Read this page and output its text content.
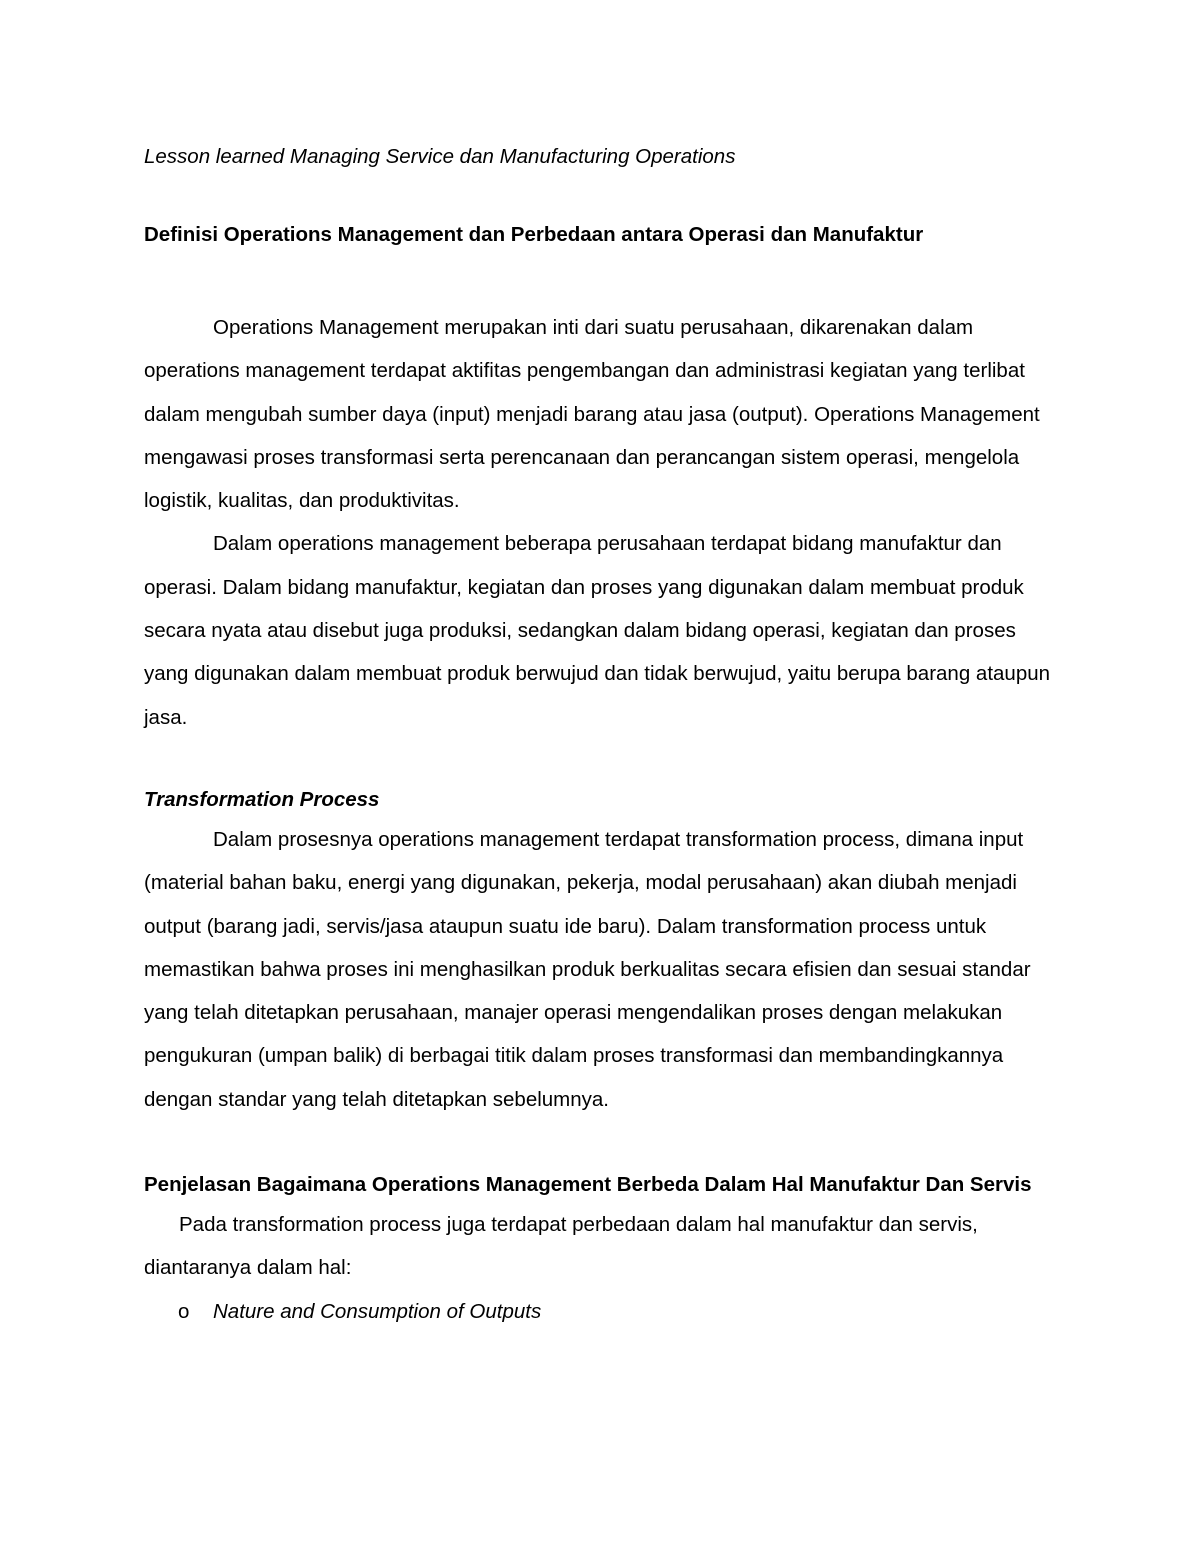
Lesson learned Managing Service dan Manufacturing Operations

Definisi Operations Management dan Perbedaan antara Operasi dan Manufaktur

Operations Management merupakan inti dari suatu perusahaan, dikarenakan dalam operations management terdapat aktifitas pengembangan dan administrasi kegiatan yang terlibat dalam mengubah sumber daya (input) menjadi barang atau jasa (output). Operations Management mengawasi proses transformasi serta perencanaan dan perancangan sistem operasi, mengelola logistik, kualitas, dan produktivitas.

Dalam operations management beberapa perusahaan terdapat bidang manufaktur dan operasi. Dalam bidang manufaktur, kegiatan dan proses yang digunakan dalam membuat produk secara nyata atau disebut juga produksi, sedangkan dalam bidang operasi, kegiatan dan proses yang digunakan dalam membuat produk berwujud dan tidak berwujud, yaitu berupa barang ataupun jasa.

Transformation Process

Dalam prosesnya operations management terdapat transformation process, dimana input (material bahan baku, energi yang digunakan, pekerja, modal perusahaan) akan diubah menjadi output (barang jadi, servis/jasa ataupun suatu ide baru). Dalam transformation process untuk memastikan bahwa proses ini menghasilkan produk berkualitas secara efisien dan sesuai standar yang telah ditetapkan perusahaan, manajer operasi mengendalikan proses dengan melakukan pengukuran (umpan balik) di berbagai titik dalam proses transformasi dan membandingkannya dengan standar yang telah ditetapkan sebelumnya.

Penjelasan Bagaimana Operations Management Berbeda Dalam Hal Manufaktur Dan Servis

Pada transformation process juga terdapat perbedaan dalam hal manufaktur dan servis, diantaranya dalam hal:

o Nature and Consumption of Outputs
